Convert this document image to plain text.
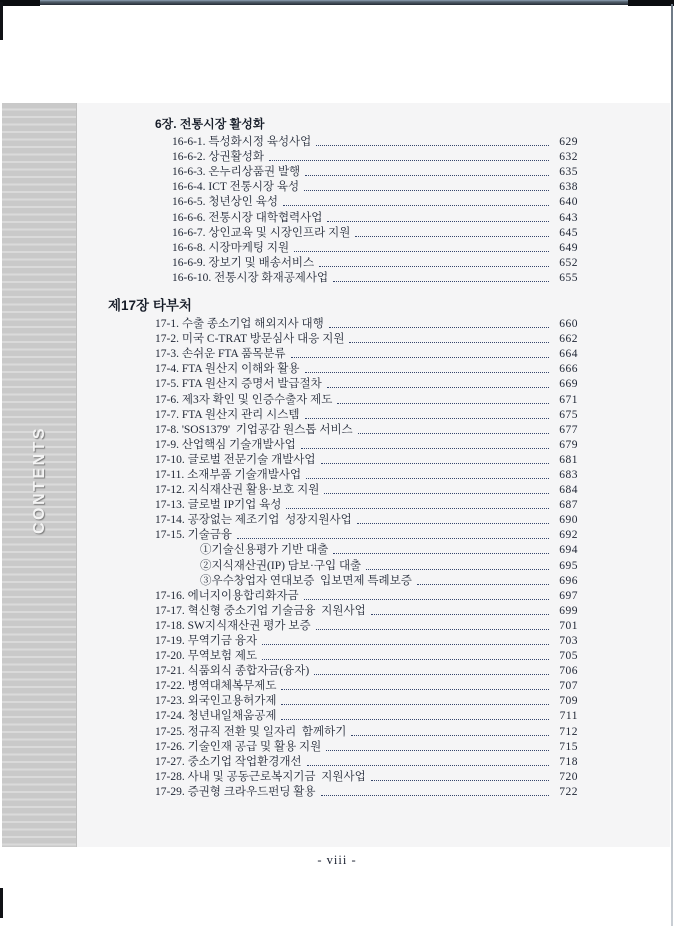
CONTENTS
6장. 전통시장 활성화
16-6-1. 특성화시정 육성사업	629
16-6-2. 상권활성화	632
16-6-3. 온누리상품권 발행	635
16-6-4. ICT 전통시장 육성	638
16-6-5. 청년상인 육성	640
16-6-6. 전통시장 대학협력사업	643
16-6-7. 상인교육 및 시장인프라 지원	645
16-6-8. 시장마케팅 지원	649
16-6-9. 장보기 및 배송서비스	652
16-6-10. 전통시장 화재공제사업	655
제17장 타부처
17-1. 수출 종소기업 해외지사 대행	660
17-2. 미국 C-TRAT 방문심사 대응 지원	662
17-3. 손쉬운 FTA 품목분류	664
17-4. FTA 원산지 이해와 활용	666
17-5. FTA 원산지 증명서 발급절차	669
17-6. 제3자 확인 및 인증수출자 제도	671
17-7. FTA 원산지 관리 시스템	675
17-8. 'SOS1379'  기업공감 원스톱 서비스	677
17-9. 산업핵심 기술개발사업	679
17-10. 글로벌 전문기술 개발사업	681
17-11. 소재부품 기술개발사업	683
17-12. 지식재산권 활용·보호 지원	684
17-13. 글로벌 IP기업 육성	687
17-14. 공장없는 제조기업  성장지원사업	690
17-15. 기술금융	692
①기술신용평가 기반 대출	694
②지식재산권(IP) 담보·구입 대출	695
③우수창업자 연대보증  입보면제 특례보증	696
17-16. 에너지이용합리화자금	697
17-17. 혁신형 중소기업 기술금융  지원사업	699
17-18. SW지식재산권 평가 보증	701
17-19. 무역기금 융자	703
17-20. 무역보험 제도	705
17-21. 식품외식 종합자금(융자)	706
17-22. 병역대체복무제도	707
17-23. 외국인고용허가제	709
17-24. 청년내일채움공제	711
17-25. 정규직 전환 및 일자리  함께하기	712
17-26. 기술인재 공급 및 활용 지원	715
17-27. 중소기업 작업환경개선	718
17-28. 사내 및 공동근로복지기금  지원사업	720
17-29. 증권형 크라우드펀딩 활용	722
- viii -
